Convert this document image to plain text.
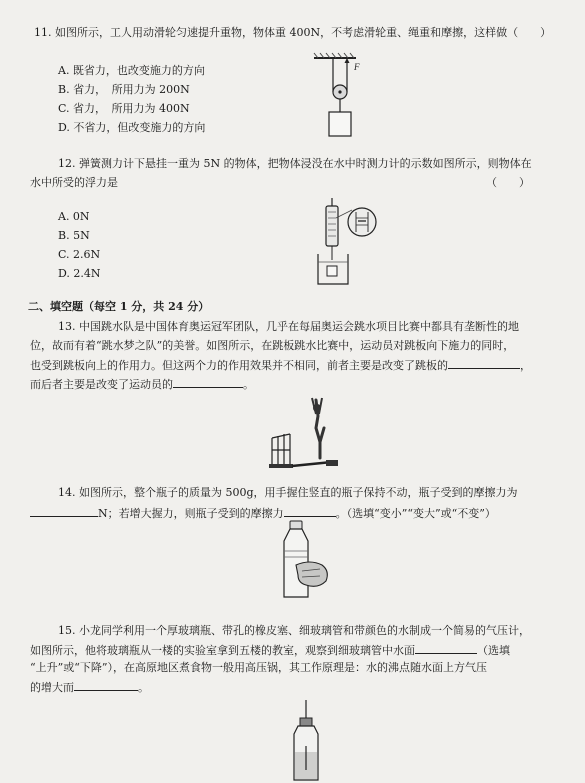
11. 如图所示，工人用动滑轮匀速提升重物，物体重 400N，不考虑滑轮重、绳重和摩擦，这样做（　　）
A. 既省力，也改变施力的方向
B. 省力，　所用力为 200N
C. 省力，　所用力为 400N
D. 不省力，但改变施力的方向
F
12. 弹簧测力计下悬挂一重为 5N 的物体，把物体浸没在水中时测力计的示数如图所示，则物体在
水中所受的浮力是	（　　）
A. 0N
B. 5N
C. 2.6N
D. 2.4N
二、填空题（每空 1 分，共 24 分）
13. 中国跳水队是中国体育奥运冠军团队，几乎在每届奥运会跳水项目比赛中都具有垄断性的地
位，故而有着“跳水梦之队”的美誉。如图所示，在跳板跳水比赛中，运动员对跳板向下施力的同时，
也受到跳板向上的作用力。但这两个力的作用效果并不相同，前者主要是改变了跳板的	，
而后者主要是改变了运动员的	。
14. 如图所示，整个瓶子的质量为 500g，用手握住竖直的瓶子保持不动，瓶子受到的摩擦力为
N；若增大握力，则瓶子受到的摩擦力	。（选填“变小”“变大”或“不变”）
15. 小龙同学利用一个厚玻璃瓶、带孔的橡皮塞、细玻璃管和带颜色的水制成一个简易的气压计，
如图所示，他将玻璃瓶从一楼的实验室拿到五楼的教室，观察到细玻璃管中水面	（选填
“上升”或“下降”），在高原地区煮食物一般用高压锅，其工作原理是：水的沸点随水面上方气压
的增大而	。
